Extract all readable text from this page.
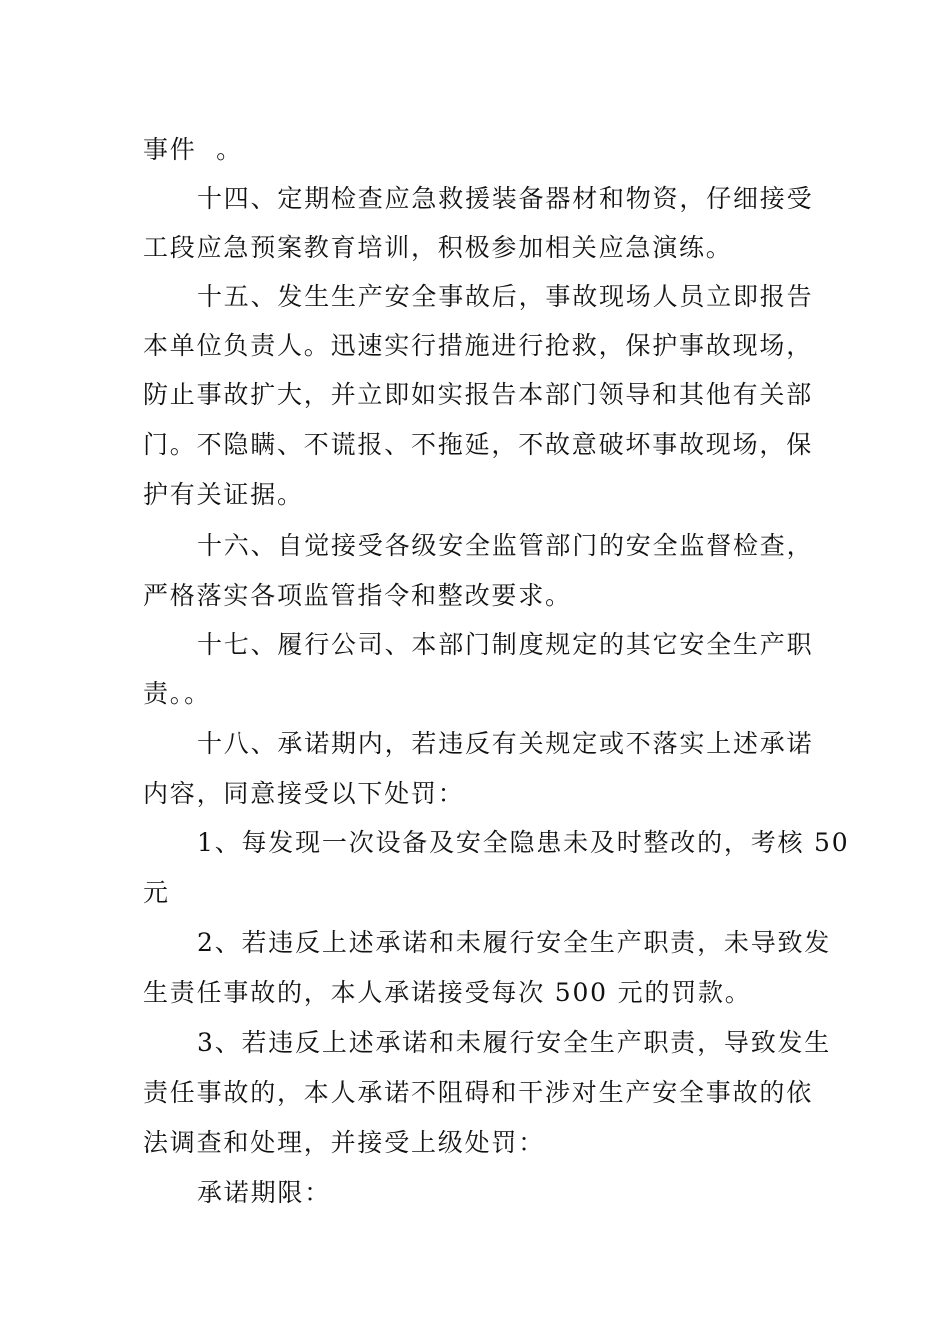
事件  。
十四、定期检查应急救援装备器材和物资，仔细接受
工段应急预案教育培训，积极参加相关应急演练。
十五、发生生产安全事故后，事故现场人员立即报告
本单位负责人。迅速实行措施进行抢救，保护事故现场，
防止事故扩大，并立即如实报告本部门领导和其他有关部
门。不隐瞒、不谎报、不拖延，不故意破坏事故现场，保
护有关证据。
十六、自觉接受各级安全监管部门的安全监督检查，
严格落实各项监管指令和整改要求。
十七、履行公司、本部门制度规定的其它安全生产职
责。。
十八、承诺期内，若违反有关规定或不落实上述承诺
内容，同意接受以下处罚：
1、每发现一次设备及安全隐患未及时整改的，考核 50
元
2、若违反上述承诺和未履行安全生产职责，未导致发
生责任事故的，本人承诺接受每次 500 元的罚款。
3、若违反上述承诺和未履行安全生产职责，导致发生
责任事故的，本人承诺不阻碍和干涉对生产安全事故的依
法调查和处理，并接受上级处罚：
承诺期限：
